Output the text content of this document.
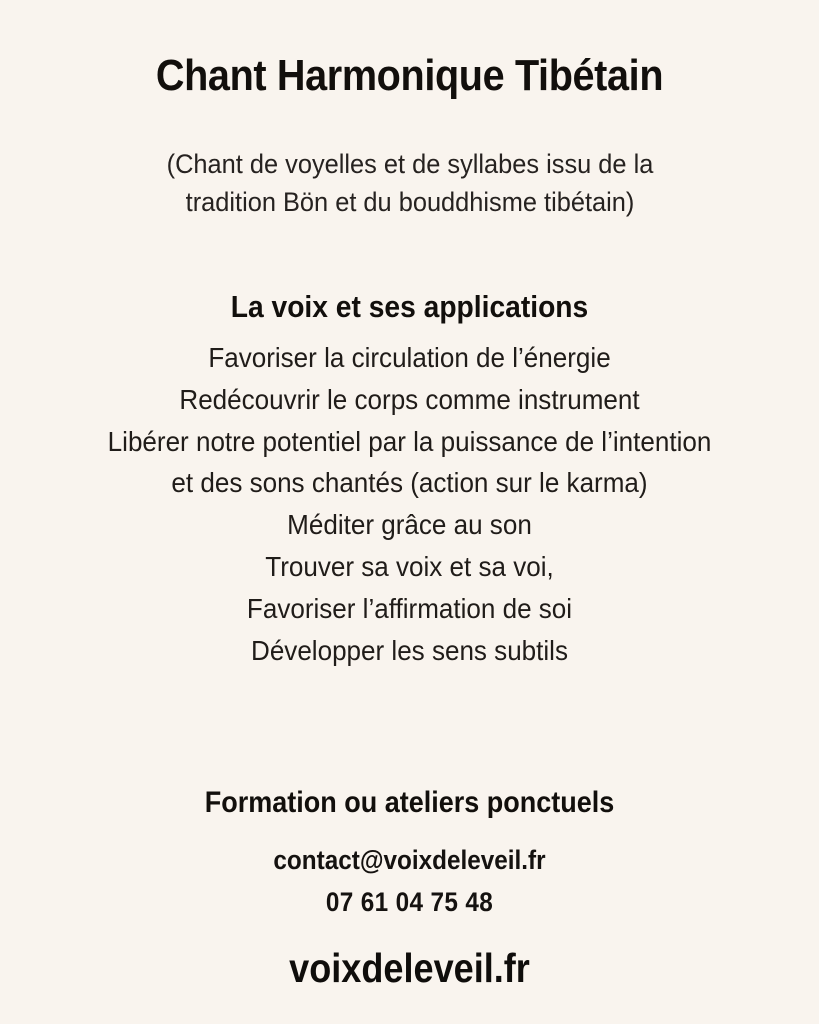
Chant Harmonique Tibétain

(Chant de voyelles et de syllabes issu de la
tradition Bön et du bouddhisme tibétain)

La voix et ses applications
Favoriser la circulation de l’énergie
Redécouvrir le corps comme instrument
Libérer notre potentiel par la puissance de l’intention
et des sons chantés (action sur le karma)
Méditer grâce au son
Trouver sa voix et sa voi,
Favoriser l’affirmation de soi
Développer les sens subtils
Formation ou ateliers ponctuels
contact@voixdeleveil.fr
07 61 04 75 48
voixdeleveil.fr
